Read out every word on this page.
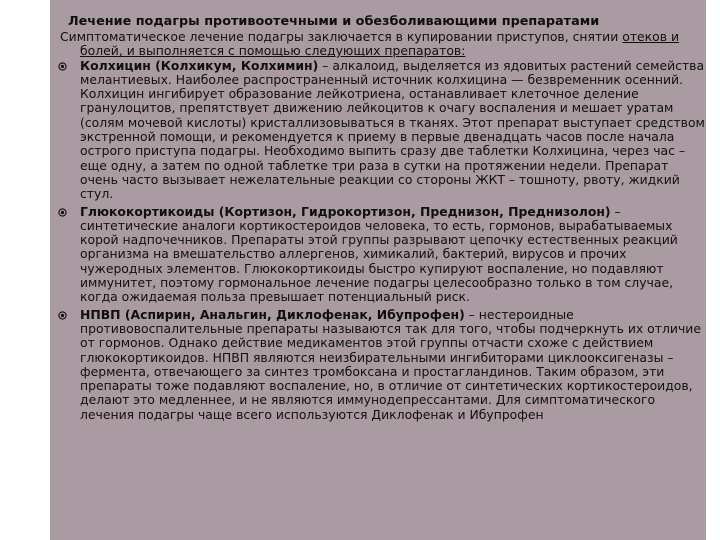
Лечение подагры противоотечными и обезболивающими препаратами

Симптоматическое лечение подагры заключается в купировании приступов, снятии отеков и болей, и выполняется с помощью следующих препаратов:

Колхицин (Колхикум, Колхимин) – алкалоид, выделяется из ядовитых растений семейства мелантиевых. Наиболее распространенный источник колхицина — безвременник осенний. Колхицин ингибирует образование лейкотриена, останавливает клеточное деление гранулоцитов, препятствует движению лейкоцитов к очагу воспаления и мешает уратам (солям мочевой кислоты) кристаллизовываться в тканях. Этот препарат выступает средством экстренной помощи, и рекомендуется к приему в первые двенадцать часов после начала острого приступа подагры. Необходимо выпить сразу две таблетки Колхицина, через час – еще одну, а затем по одной таблетке три раза в сутки на протяжении недели. Препарат очень часто вызывает нежелательные реакции со стороны ЖКТ – тошноту, рвоту, жидкий стул.

Глюкокортикоиды (Кортизон, Гидрокортизон, Преднизон, Преднизолон) – синтетические аналоги кортикостероидов человека, то есть, гормонов, вырабатываемых корой надпочечников. Препараты этой группы разрывают цепочку естественных реакций организма на вмешательство аллергенов, химикалий, бактерий, вирусов и прочих чужеродных элементов. Глюкокортикоиды быстро купируют воспаление, но подавляют иммунитет, поэтому гормональное лечение подагры целесообразно только в том случае, когда ожидаемая польза превышает потенциальный риск.

НПВП (Аспирин, Анальгин, Диклофенак, Ибупрофен) – нестероидные противовоспалительные препараты называются так для того, чтобы подчеркнуть их отличие от гормонов. Однако действие медикаментов этой группы отчасти схоже с действием глюкокортикоидов. НПВП являются неизбирательными ингибиторами циклооксигеназы – фермента, отвечающего за синтез тромбоксана и простагландинов. Таким образом, эти препараты тоже подавляют воспаление, но, в отличие от синтетических кортикостероидов, делают это медленнее, и не являются иммунодепрессантами. Для симптоматического лечения подагры чаще всего используются Диклофенак и Ибупрофен
